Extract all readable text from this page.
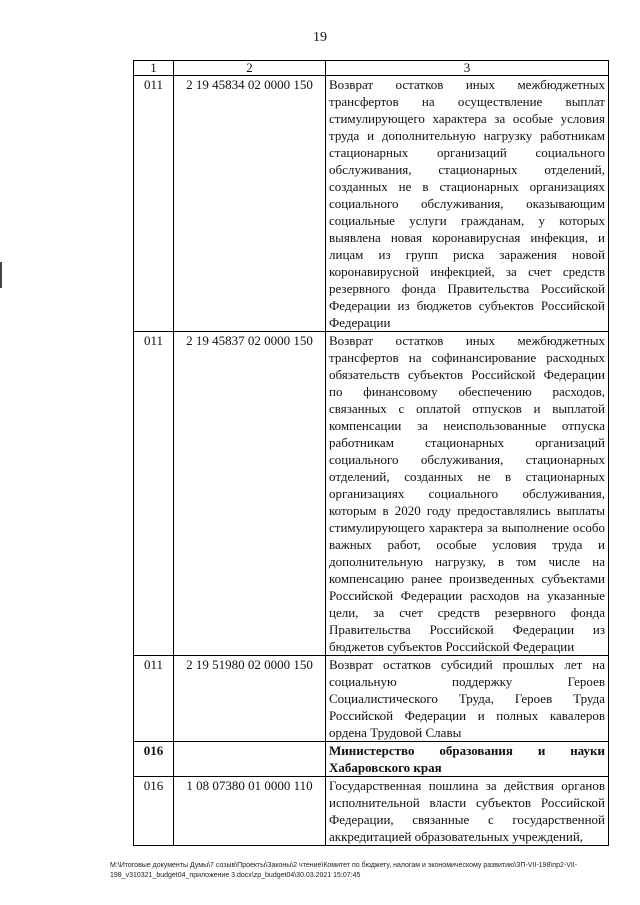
19
1	2	3
011	2 19 45834 02 0000 150	Возврат остатков иных межбюджетных трансфертов на осуществление выплат стимулирующего характера за особые условия труда и дополнительную нагрузку работникам стационарных организаций социального обслуживания, стационарных отделений, созданных не в стационарных организациях социального обслуживания, оказывающим социальные услуги гражданам, у которых выявлена новая коронавирусная инфекция, и лицам из групп риска заражения новой коронавирусной инфекцией, за счет средств резервного фонда Правительства Российской Федерации из бюджетов субъектов Российской Федерации
011	2 19 45837 02 0000 150	Возврат остатков иных межбюджетных трансфертов на софинансирование расходных обязательств субъектов Российской Федерации по финансовому обеспечению расходов, связанных с оплатой отпусков и выплатой компенсации за неиспользованные отпуска работникам стационарных организаций социального обслуживания, стационарных отделений, созданных не в стационарных организациях социального обслуживания, которым в 2020 году предоставлялись выплаты стимулирующего характера за выполнение особо важных работ, особые условия труда и дополнительную нагрузку, в том числе на компенсацию ранее произведенных субъектами Российской Федерации расходов на указанные цели, за счет средств резервного фонда Правительства Российской Федерации из бюджетов субъектов Российской Федерации
011	2 19 51980 02 0000 150	Возврат остатков субсидий прошлых лет на социальную поддержку Героев Социалистического Труда, Героев Труда Российской Федерации и полных кавалеров ордена Трудовой Славы
016		Министерство образования и науки Хабаровского края
016	1 08 07380 01 0000 110	Государственная пошлина за действия органов исполнительной власти субъектов Российской Федерации, связанные с государственной аккредитацией образовательных учреждений,
M:\Итоговые документы Думы\7 созыв\Проекты\Законы\2 чтение\Комитет по бюджету, налогам и экономическому развитию\ЗП-VII-198\пр2-VII-
198_v310321_budget04_приложение 3.docx\zp_budget04\30.03.2021 15:07:45
